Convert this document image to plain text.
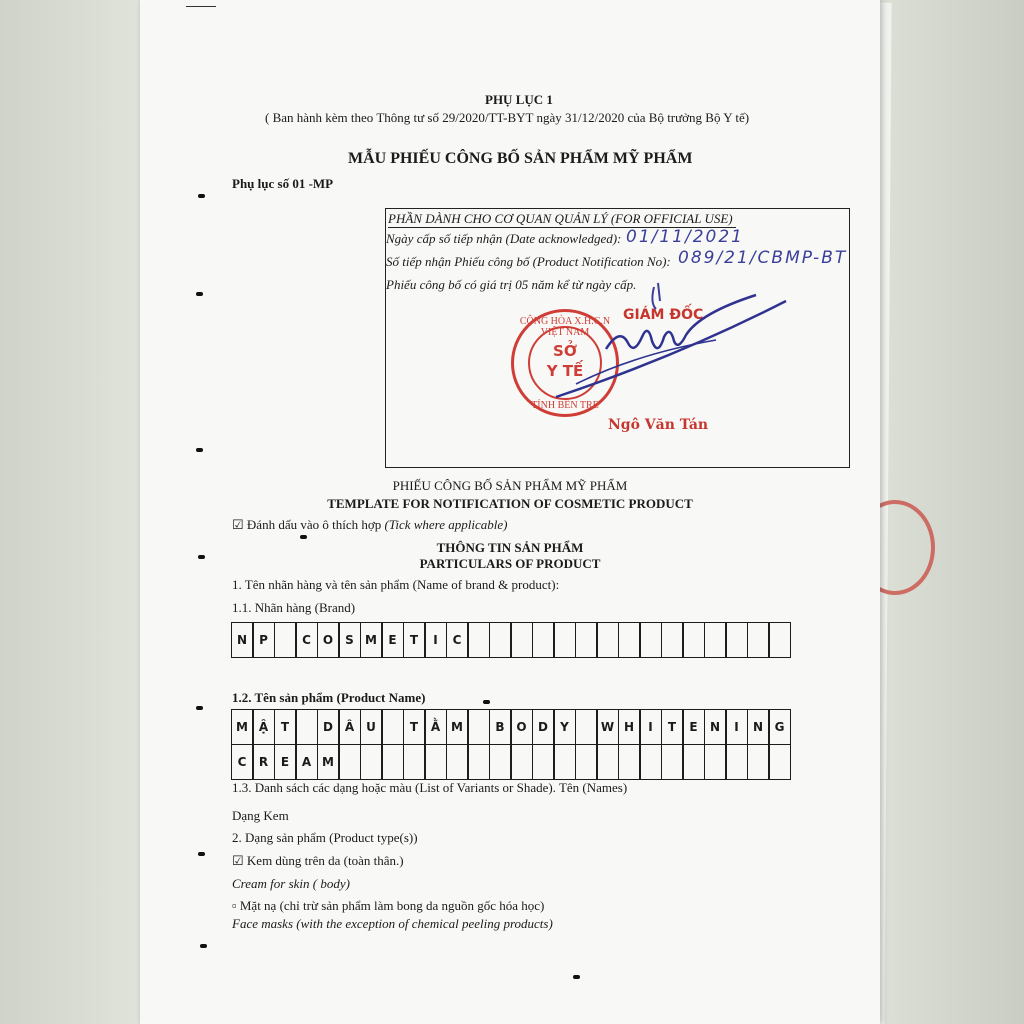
PHỤ LỤC 1
( Ban hành kèm theo Thông tư số 29/2020/TT-BYT ngày 31/12/2020 của Bộ trưởng Bộ Y tế)
MẪU PHIẾU CÔNG BỐ SẢN PHẨM MỸ PHẨM
Phụ lục số 01 -MP
PHẦN DÀNH CHO CƠ QUAN QUẢN LÝ (FOR OFFICIAL USE)
Ngày cấp số tiếp nhận (Date acknowledged): 01/11/2021
Số tiếp nhận Phiếu công bố (Product Notification No): 089/21/CBMP-BT
Phiếu công bố có giá trị 05 năm kể từ ngày cấp.
GIÁM ĐỐC
CỘNG HÒA X.H.C.N VIỆT NAM
SỞ
Y TẾ
TỈNH BẾN TRE
Ngô Văn Tán
PHIẾU CÔNG BỐ SẢN PHẨM MỸ PHẨM
TEMPLATE FOR NOTIFICATION OF COSMETIC PRODUCT
☑ Đánh dấu vào ô thích hợp (Tick where applicable)
THÔNG TIN SẢN PHẨM
PARTICULARS OF PRODUCT
1. Tên nhãn hàng và tên sản phẩm (Name of brand & product):
1.1. Nhãn hàng (Brand)
N	P	C O	S M E	T	I	C
1.2. Tên sản phẩm (Product Name)
M Ậ	T	D Â U	T	Ằ M	B O D	Y	W H	I	T	E	N	I	N G
C	R	E	A M
1.3. Danh sách các dạng hoặc màu (List of Variants or Shade). Tên (Names)
Dạng Kem
2. Dạng sản phẩm (Product type(s))
☑ Kem dùng trên da (toàn thân.)
Cream for skin ( body)
▫ Mặt nạ (chỉ trừ sản phẩm làm bong da nguồn gốc hóa học)
Face masks (with the exception of chemical peeling products)
